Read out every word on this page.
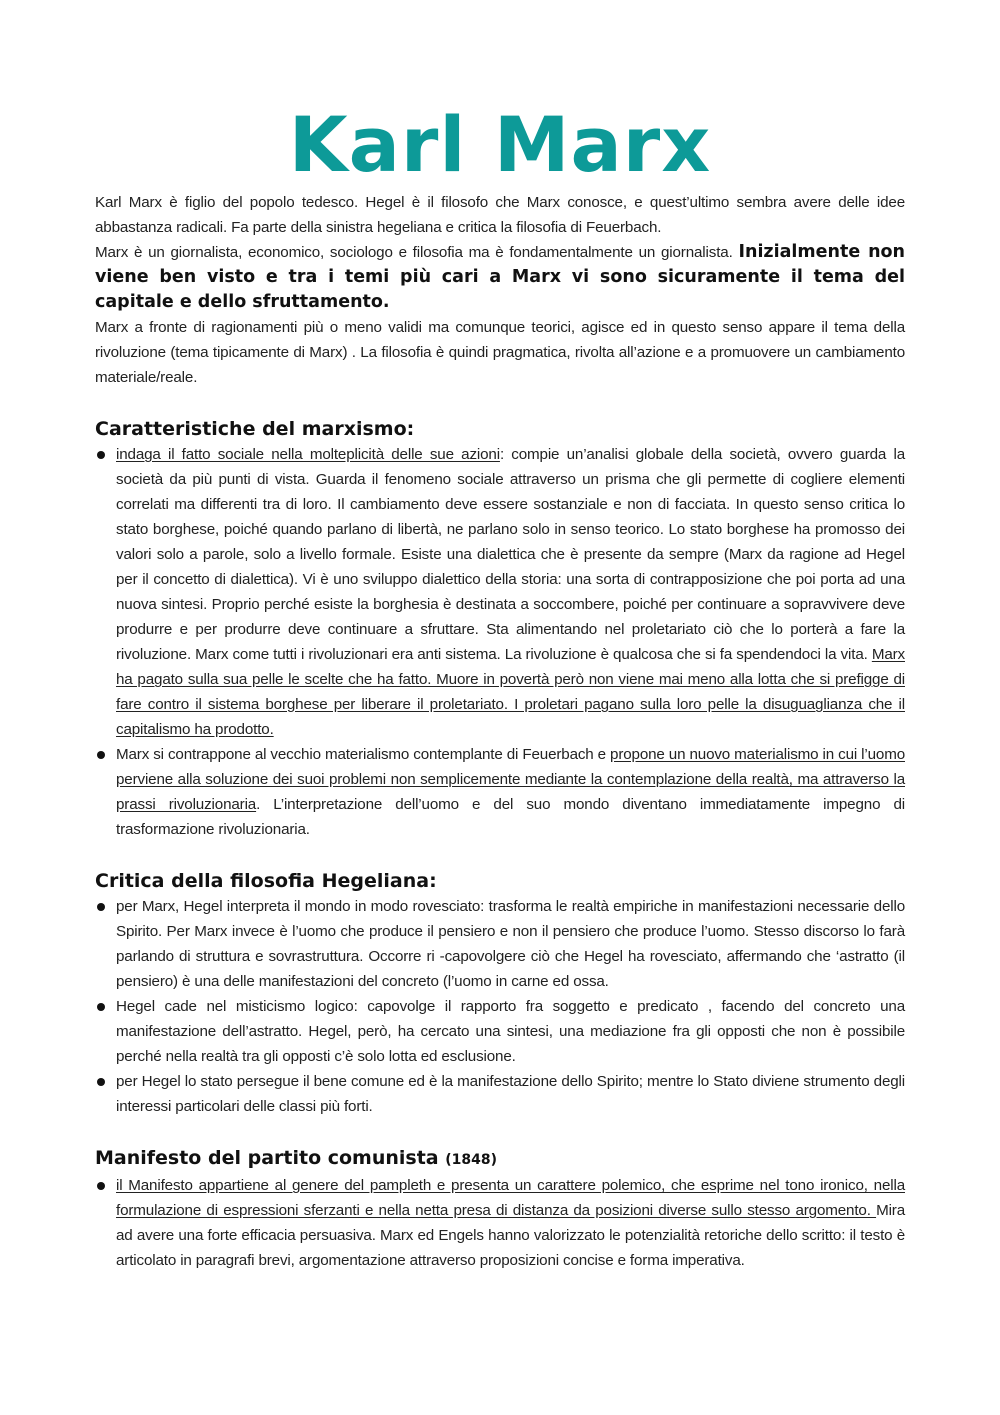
Karl Marx

Karl Marx è figlio del popolo tedesco. Hegel è il filosofo che Marx conosce, e quest’ultimo sembra avere delle idee abbastanza radicali. Fa parte della sinistra hegeliana e critica la filosofia di Feuerbach.

Marx è un giornalista, economico, sociologo e filosofia ma è fondamentalmente un giornalista. Inizialmente non viene ben visto e tra i temi più cari a Marx vi sono sicuramente il tema del capitale e dello sfruttamento.

Marx a fronte di ragionamenti più o meno validi ma comunque teorici, agisce ed in questo senso appare il tema della rivoluzione (tema tipicamente di Marx) . La filosofia è quindi pragmatica, rivolta all’azione e a promuovere un cambiamento materiale/reale.

Caratteristiche del marxismo:
indaga il fatto sociale nella molteplicità delle sue azioni: compie un’analisi globale della società, ovvero guarda la società da più punti di vista. Guarda il fenomeno sociale attraverso un prisma che gli permette di cogliere elementi correlati ma differenti tra di loro. Il cambiamento deve essere sostanziale e non di facciata. In questo senso critica lo stato borghese, poiché quando parlano di libertà, ne parlano solo in senso teorico. Lo stato borghese ha promosso dei valori solo a parole, solo a livello formale. Esiste una dialettica che è presente da sempre (Marx da ragione ad Hegel per il concetto di dialettica). Vi è uno sviluppo dialettico della storia: una sorta di contrapposizione che poi porta ad una nuova sintesi. Proprio perché esiste la borghesia è destinata a soccombere, poiché per continuare a sopravvivere deve produrre e per produrre deve continuare a sfruttare. Sta alimentando nel proletariato ciò che lo porterà a fare la rivoluzione. Marx come tutti i rivoluzionari era anti sistema. La rivoluzione è qualcosa che si fa spendendoci la vita. Marx ha pagato sulla sua pelle le scelte che ha fatto. Muore in povertà però non viene mai meno alla lotta che si prefigge di fare contro il sistema borghese per liberare il proletariato. I proletari pagano sulla loro pelle la disuguaglianza che il capitalismo ha prodotto.
Marx si contrappone al vecchio materialismo contemplante di Feuerbach e propone un nuovo materialismo in cui l’uomo perviene alla soluzione dei suoi problemi non semplicemente mediante la contemplazione della realtà, ma attraverso la prassi rivoluzionaria. L’interpretazione dell’uomo e del suo mondo diventano immediatamente impegno di trasformazione rivoluzionaria.
Critica della filosofia Hegeliana:
per Marx, Hegel interpreta il mondo in modo rovesciato: trasforma le realtà empiriche in manifestazioni necessarie dello Spirito. Per Marx invece è l’uomo che produce il pensiero e non il pensiero che produce l’uomo. Stesso discorso lo farà parlando di struttura e sovrastruttura. Occorre ri -capovolgere ciò che Hegel ha rovesciato, affermando che ‘astratto (il pensiero) è una delle manifestazioni del concreto (l’uomo in carne ed ossa.
Hegel cade nel misticismo logico: capovolge il rapporto fra soggetto e predicato , facendo del concreto una manifestazione dell’astratto. Hegel, però, ha cercato una sintesi, una mediazione fra gli opposti che non è possibile perché nella realtà tra gli opposti c’è solo lotta ed esclusione.
per Hegel lo stato persegue il bene comune ed è la manifestazione dello Spirito; mentre lo Stato diviene strumento degli interessi particolari delle classi più forti.
Manifesto del partito comunista (1848)
il Manifesto appartiene al genere del pampleth e presenta un carattere polemico, che esprime nel tono ironico, nella formulazione di espressioni sferzanti e nella netta presa di distanza da posizioni diverse sullo stesso argomento. Mira ad avere una forte efficacia persuasiva. Marx ed Engels hanno valorizzato le potenzialità retoriche dello scritto: il testo è articolato in paragrafi brevi, argomentazione attraverso proposizioni concise e forma imperativa.
